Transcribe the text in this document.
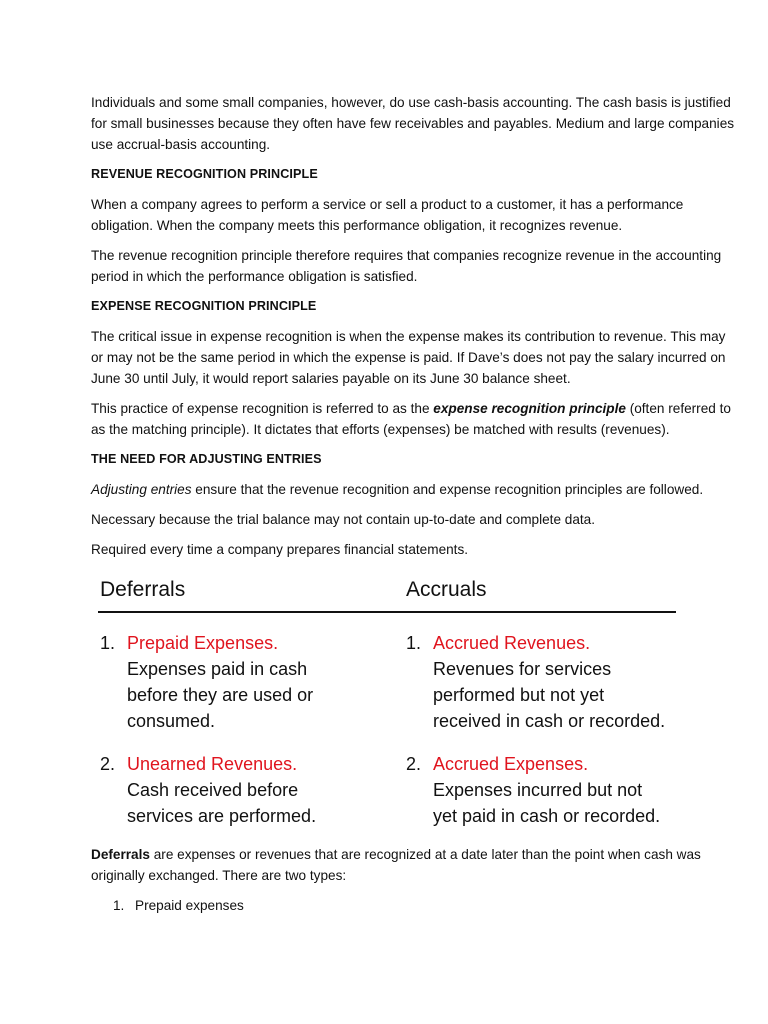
Individuals and some small companies, however, do use cash-basis accounting. The cash basis is justified for small businesses because they often have few receivables and payables. Medium and large companies use accrual-basis accounting.

REVENUE RECOGNITION PRINCIPLE

When a company agrees to perform a service or sell a product to a customer, it has a performance obligation. When the company meets this performance obligation, it recognizes revenue.

The revenue recognition principle therefore requires that companies recognize revenue in the accounting period in which the performance obligation is satisfied.

EXPENSE RECOGNITION PRINCIPLE

The critical issue in expense recognition is when the expense makes its contribution to revenue. This may or may not be the same period in which the expense is paid. If Dave’s does not pay the salary incurred on June 30 until July, it would report salaries payable on its June 30 balance sheet.

This practice of expense recognition is referred to as the expense recognition principle (often referred to as the matching principle). It dictates that efforts (expenses) be matched with results (revenues).

THE NEED FOR ADJUSTING ENTRIES

Adjusting entries ensure that the revenue recognition and expense recognition principles are followed.

Necessary because the trial balance may not contain up-to-date and complete data.

Required every time a company prepares financial statements.

Deferrals
1. Prepaid Expenses.
Expenses paid in cash
before they are used or
consumed.
2. Unearned Revenues.
Cash received before
services are performed.
Accruals
1. Accrued Revenues.
Revenues for services
performed but not yet
received in cash or recorded.
2. Accrued Expenses.
Expenses incurred but not
yet paid in cash or recorded.

Deferrals are expenses or revenues that are recognized at a date later than the point when cash was originally exchanged. There are two types:

1. Prepaid expenses
